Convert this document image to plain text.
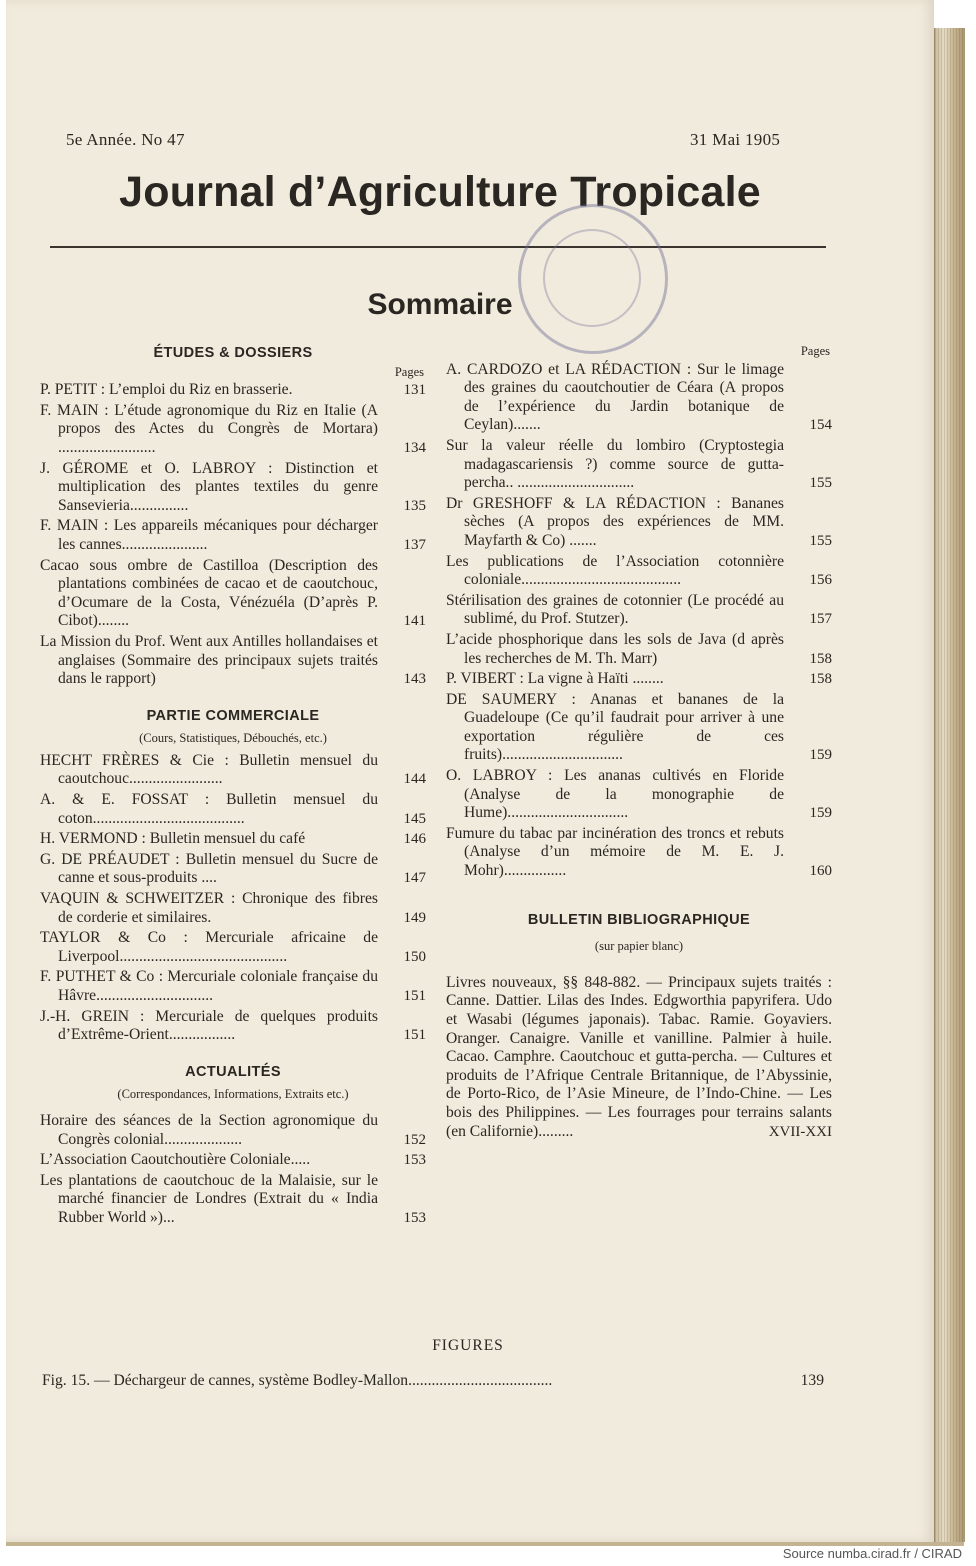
5e Année. No 47	31 Mai 1905
Journal d’Agriculture Tropicale
Sommaire
ÉTUDES & DOSSIERS
Pages
P. PETIT : L’emploi du Riz en brasserie.	131
F. MAIN : L’étude agronomique du Riz en Italie (A propos des Actes du Congrès de Mortara) .........................	134
J. GÉROME et O. LABROY : Distinction et multiplication des plantes textiles du genre Sansevieria...............	135
F. MAIN : Les appareils mécaniques pour décharger les cannes......................	137
Cacao sous ombre de Castilloa (Description des plantations combinées de cacao et de caoutchouc, d’Ocumare de la Costa, Vénézuéla (D’après P. Cibot)........	141
La Mission du Prof. Went aux Antilles hollandaises et anglaises (Sommaire des principaux sujets traités dans le rapport)	143
PARTIE COMMERCIALE
(Cours, Statistiques, Débouchés, etc.)
HECHT FRÈRES & Cie : Bulletin mensuel du caoutchouc........................	144
A. & E. FOSSAT : Bulletin mensuel du coton.......................................	145
H. VERMOND : Bulletin mensuel du café	146
G. DE PRÉAUDET : Bulletin mensuel du Sucre de canne et sous-produits ....	147
VAQUIN & SCHWEITZER : Chronique des fibres de corderie et similaires.	149
TAYLOR & Co : Mercuriale africaine de Liverpool...........................................	150
F. PUTHET & Co : Mercuriale coloniale française du Hâvre..............................	151
J.-H. GREIN : Mercuriale de quelques produits d’Extrême-Orient.................	151
ACTUALITÉS
(Correspondances, Informations, Extraits etc.)
Horaire des séances de la Section agronomique du Congrès colonial....................	152
L’Association Caoutchoutière Coloniale.....	153
Les plantations de caoutchouc de la Malaisie, sur le marché financier de Londres (Extrait du « India Rubber World »)...	153
Pages
A. CARDOZO et LA RÉDACTION : Sur le limage des graines du caoutchoutier de Céara (A propos de l’expérience du Jardin botanique de Ceylan).......	154
Sur la valeur réelle du lombiro (Cryptostegia madagascariensis ?) comme source de gutta-percha.. ..............................	155
Dr GRESHOFF & LA RÉDACTION : Bananes sèches (A propos des expériences de MM. Mayfarth & Co) .......	155
Les publications de l’Association cotonnière coloniale.........................................	156
Stérilisation des graines de cotonnier (Le procédé au sublimé, du Prof. Stutzer).	157
L’acide phosphorique dans les sols de Java (d après les recherches de M. Th. Marr)	158
P. VIBERT : La vigne à Haïti ........	158
DE SAUMERY : Ananas et bananes de la Guadeloupe (Ce qu’il faudrait pour arriver à une exportation régulière de ces fruits)...............................	159
O. LABROY : Les ananas cultivés en Floride (Analyse de la monographie de Hume)...............................	159
Fumure du tabac par incinération des troncs et rebuts (Analyse d’un mémoire de M. E. J. Mohr)................	160
BULLETIN BIBLIOGRAPHIQUE
(sur papier blanc)
Livres nouveaux, §§ 848-882. — Principaux sujets traités : Canne. Dattier. Lilas des Indes. Edgworthia papyrifera. Udo et Wasabi (légumes japonais). Tabac. Ramie. Goyaviers. Oranger. Canaigre. Vanille et vanilline. Palmier à huile. Cacao. Camphre. Caoutchouc et gutta-percha. — Cultures et produits de l’Afrique Centrale Britannique, de l’Abyssinie, de Porto-Rico, de l’Asie Mineure, de l’Indo-Chine. — Les bois des Philippines. — Les fourrages pour terrains salants (en Californie).........	XVII-XXI
FIGURES
Fig. 15. — Déchargeur de cannes, système Bodley-Mallon.....................................	139
Source numba.cirad.fr / CIRAD
